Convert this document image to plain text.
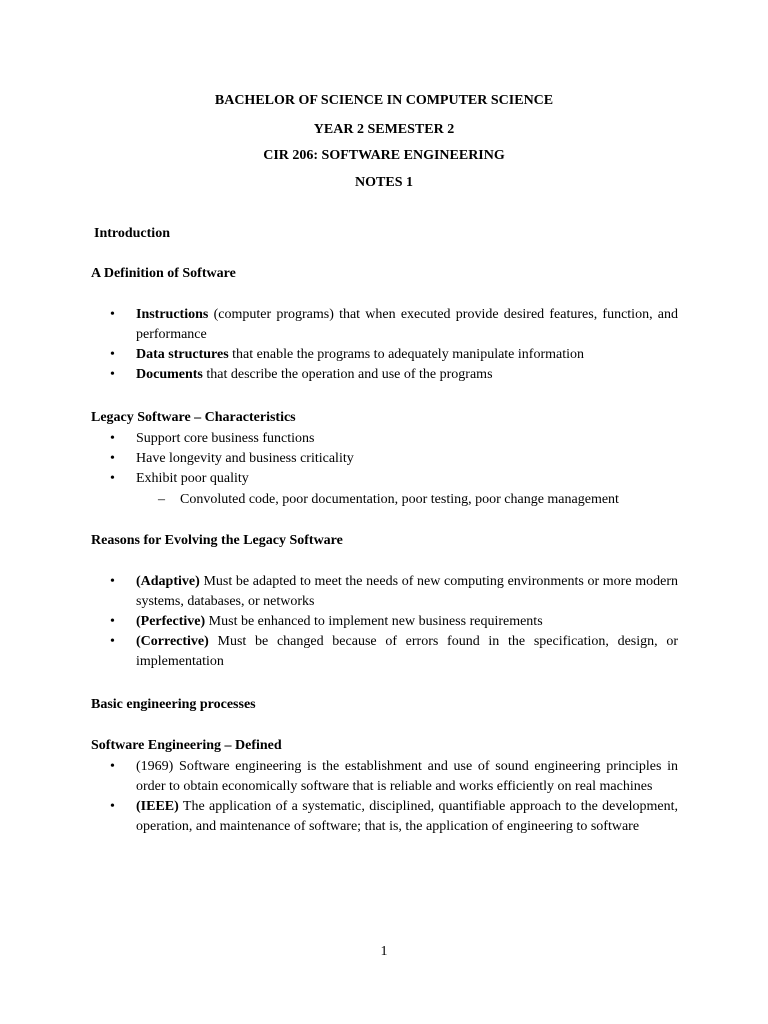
BACHELOR OF SCIENCE IN COMPUTER SCIENCE
YEAR 2 SEMESTER 2
CIR 206: SOFTWARE ENGINEERING
NOTES 1
Introduction
A Definition of Software
• Instructions (computer programs) that when executed provide desired features, function, and performance
• Data structures that enable the programs to adequately manipulate information
• Documents that describe the operation and use of the programs
Legacy Software – Characteristics
• Support core business functions
• Have longevity and business criticality
• Exhibit poor quality
– Convoluted code, poor documentation, poor testing, poor change management
Reasons for Evolving the Legacy Software
• (Adaptive) Must be adapted to meet the needs of new computing environments or more modern systems, databases, or networks
• (Perfective) Must be enhanced to implement new business requirements
• (Corrective) Must be changed because of errors found in the specification, design, or implementation
Basic engineering processes
Software Engineering – Defined
• (1969) Software engineering is the establishment and use of sound engineering principles in order to obtain economically software that is reliable and works efficiently on real machines
• (IEEE) The application of a systematic, disciplined, quantifiable approach to the development, operation, and maintenance of software; that is, the application of engineering to software
1
